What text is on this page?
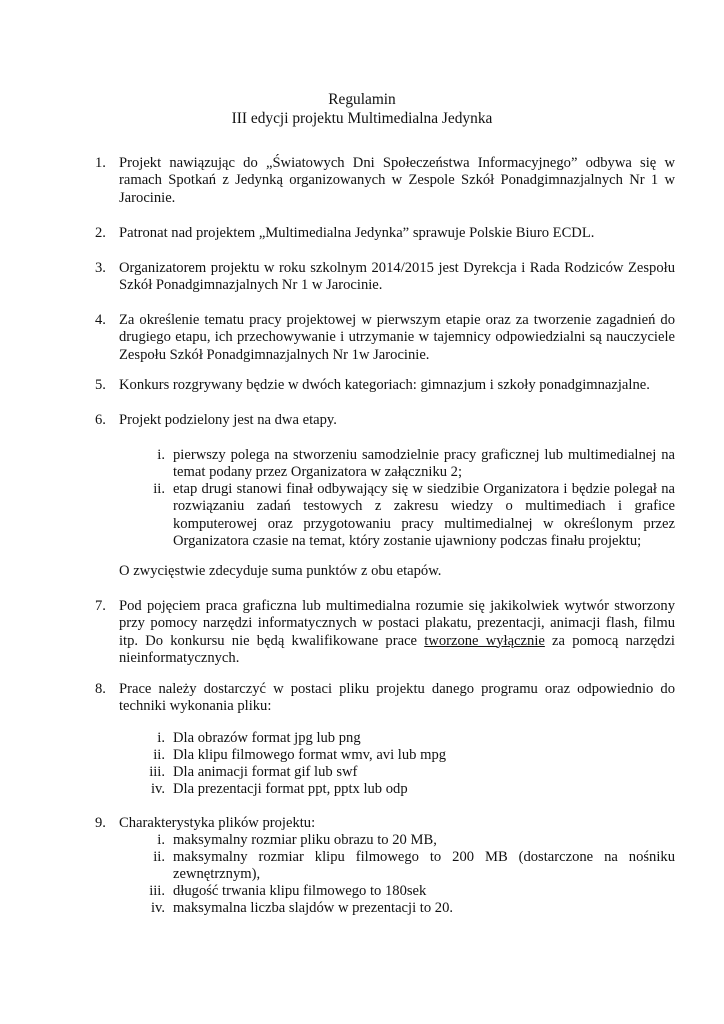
Regulamin
III edycji projektu Multimedialna Jedynka
1. Projekt nawiązując do „Światowych Dni Społeczeństwa Informacyjnego” odbywa się w ramach Spotkań z Jedynką organizowanych w Zespole Szkół Ponadgimnazjalnych Nr 1 w Jarocinie.
2. Patronat nad projektem „Multimedialna Jedynka” sprawuje Polskie Biuro ECDL.
3. Organizatorem projektu w roku szkolnym 2014/2015 jest Dyrekcja i Rada Rodziców Zespołu Szkół Ponadgimnazjalnych Nr 1 w Jarocinie.
4. Za określenie tematu pracy projektowej w pierwszym etapie oraz za tworzenie zagadnień do drugiego etapu, ich przechowywanie i utrzymanie w tajemnicy odpowiedzialni są nauczyciele Zespołu Szkół Ponadgimnazjalnych Nr 1w Jarocinie.
5. Konkurs rozgrywany będzie w dwóch kategoriach: gimnazjum i szkoły ponadgimnazjalne.
6. Projekt podzielony jest na dwa etapy.
i. pierwszy polega na stworzeniu samodzielnie pracy graficznej lub multimedialnej na temat podany przez Organizatora w załączniku 2;
ii. etap drugi stanowi finał odbywający się w siedzibie Organizatora i będzie polegał na rozwiązaniu zadań testowych z zakresu wiedzy o multimediach i grafice komputerowej oraz przygotowaniu pracy multimedialnej w określonym przez Organizatora czasie na temat, który zostanie ujawniony podczas finału projektu;
O zwycięstwie zdecyduje suma punktów z obu etapów.
7. Pod pojęciem praca graficzna lub multimedialna rozumie się jakikolwiek wytwór stworzony przy pomocy narzędzi informatycznych w postaci plakatu, prezentacji, animacji flash, filmu itp. Do konkursu nie będą kwalifikowane prace tworzone wyłącznie za pomocą narzędzi nieinformatycznych.
8. Prace należy dostarczyć w postaci pliku projektu danego programu oraz odpowiednio do techniki wykonania pliku:
i. Dla obrazów format jpg lub png
ii. Dla klipu filmowego format wmv, avi lub mpg
iii. Dla animacji format gif lub swf
iv. Dla prezentacji format ppt, pptx lub odp
9. Charakterystyka plików projektu:
i. maksymalny rozmiar pliku obrazu to 20 MB,
ii. maksymalny rozmiar klipu filmowego to 200 MB (dostarczone na nośniku zewnętrznym),
iii. długość trwania klipu filmowego to 180sek
iv. maksymalna liczba slajdów w prezentacji to 20.
